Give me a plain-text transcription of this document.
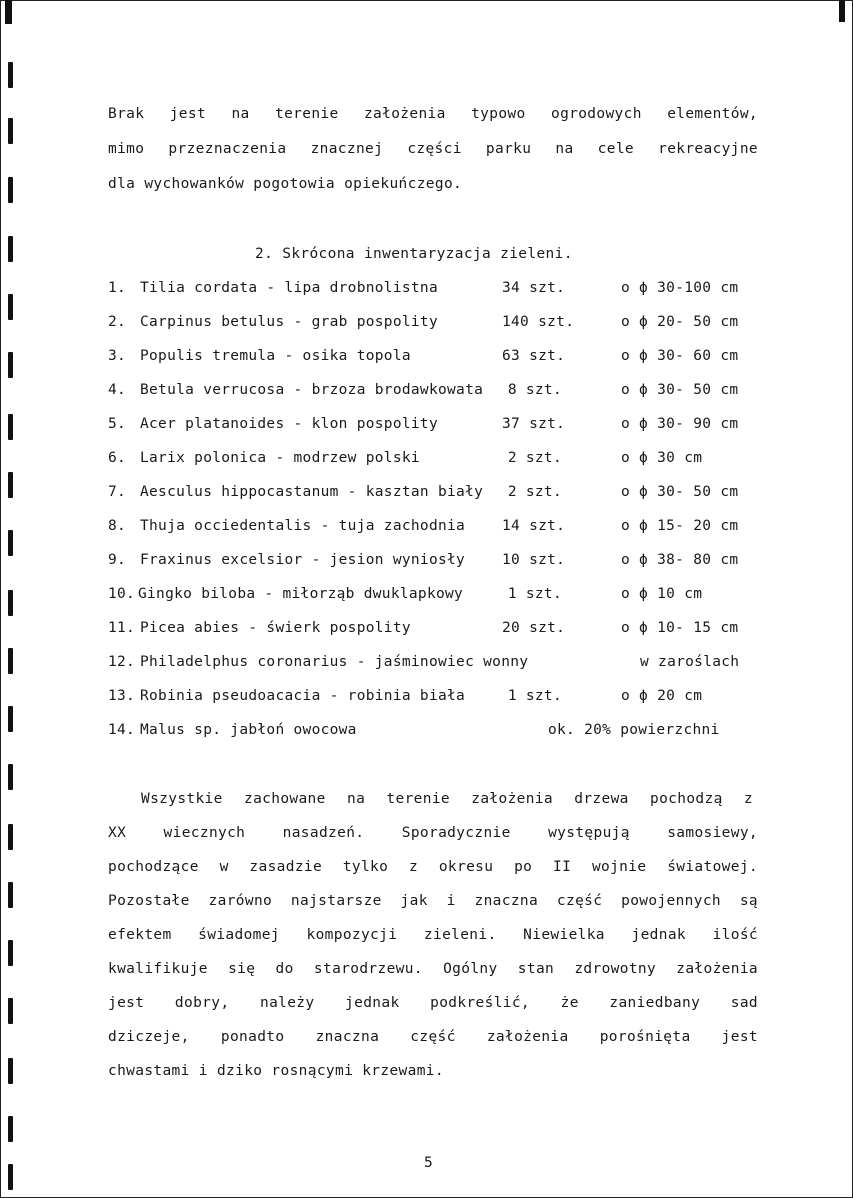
Brak jest na terenie założenia typowo ogrodowych elementów,
mimo przeznaczenia znacznej części parku na cele rekreacyjne
dla wychowanków pogotowia opiekuńczego.
2. Skrócona inwentaryzacja zieleni.
1. Tilia cordata - lipa drobnolistna	34 szt.	o ϕ 30-100 cm
2. Carpinus betulus - grab pospolity	140 szt.	o ϕ 20- 50 cm
3. Populis tremula - osika topola	63 szt.	o ϕ 30- 60 cm
4. Betula verrucosa - brzoza brodawkowata	8 szt.	o ϕ 30- 50 cm
5. Acer platanoides - klon pospolity	37 szt.	o ϕ 30- 90 cm
6. Larix polonica - modrzew polski	2 szt.	o ϕ 30 cm
7. Aesculus hippocastanum - kasztan biały	2 szt.	o ϕ 30- 50 cm
8. Thuja occiedentalis - tuja zachodnia	14 szt.	o ϕ 15- 20 cm
9. Fraxinus excelsior - jesion wyniosły	10 szt.	o ϕ 38- 80 cm
10. Gingko biloba - miłorząb dwuklapkowy	1 szt.	o ϕ 10 cm
11. Picea abies - świerk pospolity	20 szt.	o ϕ 10- 15 cm
12. Philadelphus coronarius - jaśminowiec wonny	w zaroślach
13. Robinia pseudoacacia - robinia biała	1 szt.	o ϕ 20 cm
14. Malus sp. jabłoń owocowa	ok. 20% powierzchni
Wszystkie zachowane na terenie założenia drzewa pochodzą z
XX wiecznych nasadzeń. Sporadycznie występują samosiewy,
pochodzące w zasadzie tylko z okresu po II wojnie światowej.
Pozostałe zarówno najstarsze jak i znaczna część powojennych są
efektem świadomej kompozycji zieleni. Niewielka jednak ilość
kwalifikuje się do starodrzewu. Ogólny stan zdrowotny założenia
jest dobry, należy jednak podkreślić, że zaniedbany sad
dziczeje, ponadto znaczna część założenia porośnięta jest
chwastami i dziko rosnącymi krzewami.
5
